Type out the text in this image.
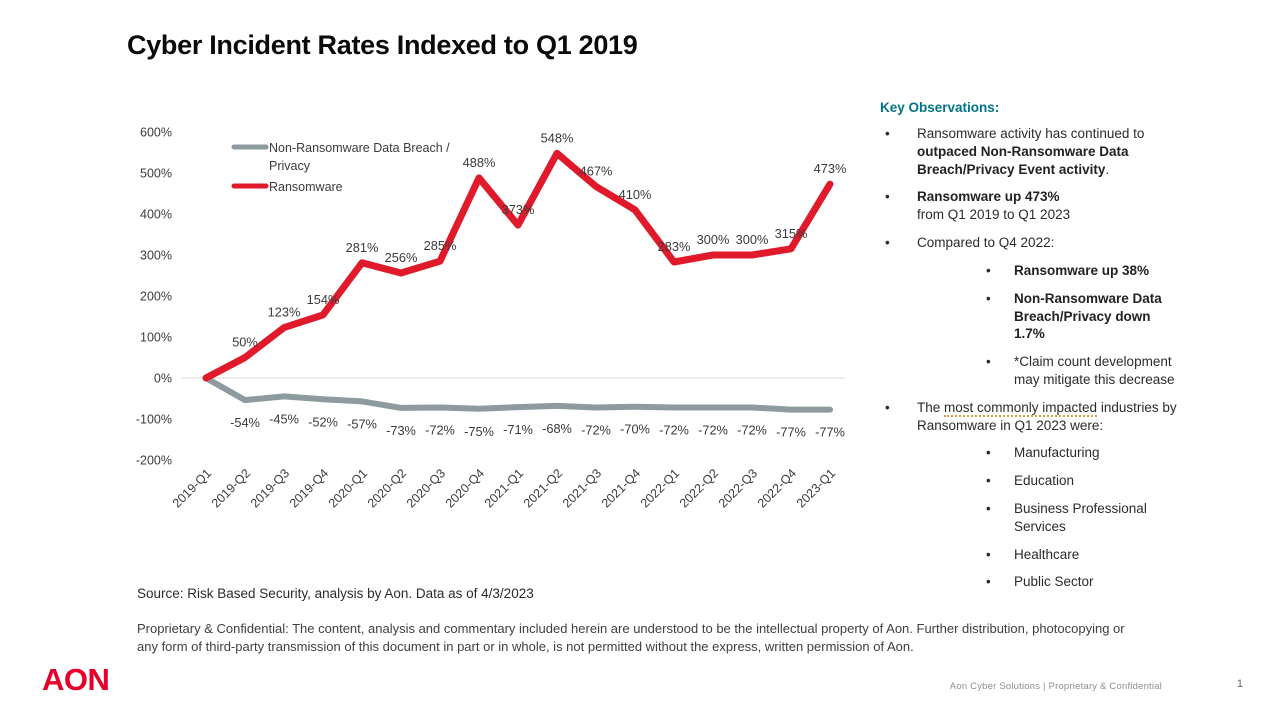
Cyber Incident Rates Indexed to Q1 2019
600%
500%
400%
300%
200%
100%
0%
-100%
-200%
2019-Q1
2019-Q2
2019-Q3
2019-Q4
2020-Q1
2020-Q2
2020-Q3
2020-Q4
2021-Q1
2021-Q2
2021-Q3
2021-Q4
2022-Q1
2022-Q2
2022-Q3
2022-Q4
2023-Q1
-54% -45% -52% -57% -73% -72% -75% -71% -68% -72% -70% -72% -72% -72% -77% -77%
50%
123%
154%
281%
256%
285%
488%
373%
548%
467%
410%
283% 300% 300% 315%
473%
Non-Ransomware Data Breach /
Privacy
Ransomware
Key Observations:
• Ransomware activity has continued to outpaced Non-Ransomware Data Breach/Privacy Event activity.
• Ransomware up 473%
from Q1 2019 to Q1 2023
• Compared to Q4 2022:
• Ransomware up 38%
• Non-Ransomware Data Breach/Privacy down 1.7%
• *Claim count development may mitigate this decrease
• The most commonly impacted industries by Ransomware in Q1 2023 were:
• Manufacturing
• Education
• Business Professional Services
• Healthcare
• Public Sector

Source: Risk Based Security, analysis by Aon. Data as of 4/3/2023

Proprietary & Confidential: The content, analysis and commentary included herein are understood to be the intellectual property of Aon. Further distribution, photocopying or any form of third-party transmission of this document in part or in whole, is not permitted without the express, written permission of Aon.

AON	Aon Cyber Solutions | Proprietary & Confidential	1
